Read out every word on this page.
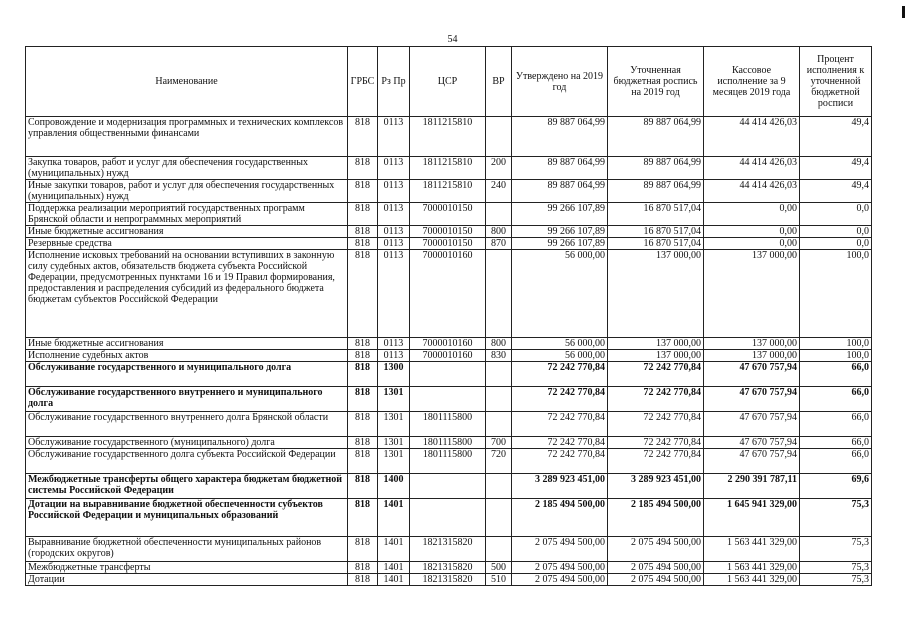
54
Наименование	ГРБС	Рз Пр	ЦСР	ВР	Утверждено на 2019 год	Уточненная бюджетная роспись на 2019 год	Кассовое исполнение за 9 месяцев 2019 года	Процент исполнения к уточненной бюджетной росписи
Сопровождение и модернизация программных и технических комплексов управления общественными финансами	818	0113	1811215810		89 887 064,99	89 887 064,99	44 414 426,03	49,4
Закупка товаров, работ и услуг для обеспечения государственных (муниципальных) нужд	818	0113	1811215810	200	89 887 064,99	89 887 064,99	44 414 426,03	49,4
Иные закупки товаров, работ и услуг для обеспечения государственных (муниципальных) нужд	818	0113	1811215810	240	89 887 064,99	89 887 064,99	44 414 426,03	49,4
Поддержка реализации мероприятий государственных программ Брянской области и непрограммных мероприятий	818	0113	7000010150		99 266 107,89	16 870 517,04	0,00	0,0
Иные бюджетные ассигнования	818	0113	7000010150	800	99 266 107,89	16 870 517,04	0,00	0,0
Резервные средства	818	0113	7000010150	870	99 266 107,89	16 870 517,04	0,00	0,0
Исполнение исковых требований на основании вступивших в законную силу судебных актов, обязательств бюджета субъекта Российской Федерации, предусмотренных пунктами 16 и 19 Правил формирования, предоставления и распределения субсидий из федерального бюджета бюджетам субъектов Российской Федерации	818	0113	7000010160		56 000,00	137 000,00	137 000,00	100,0
Иные бюджетные ассигнования	818	0113	7000010160	800	56 000,00	137 000,00	137 000,00	100,0
Исполнение судебных актов	818	0113	7000010160	830	56 000,00	137 000,00	137 000,00	100,0
Обслуживание государственного и муниципального долга	818	1300			72 242 770,84	72 242 770,84	47 670 757,94	66,0
Обслуживание государственного внутреннего и муниципального долга	818	1301			72 242 770,84	72 242 770,84	47 670 757,94	66,0
Обслуживание государственного внутреннего долга Брянской области	818	1301	1801115800		72 242 770,84	72 242 770,84	47 670 757,94	66,0
Обслуживание государственного (муниципального) долга	818	1301	1801115800	700	72 242 770,84	72 242 770,84	47 670 757,94	66,0
Обслуживание государственного долга субъекта Российской Федерации	818	1301	1801115800	720	72 242 770,84	72 242 770,84	47 670 757,94	66,0
Межбюджетные трансферты общего характера бюджетам бюджетной системы Российской Федерации	818	1400			3 289 923 451,00	3 289 923 451,00	2 290 391 787,11	69,6
Дотации на выравнивание бюджетной обеспеченности субъектов Российской Федерации и муниципальных образований	818	1401			2 185 494 500,00	2 185 494 500,00	1 645 941 329,00	75,3
Выравнивание бюджетной обеспеченности муниципальных районов (городских округов)	818	1401	1821315820		2 075 494 500,00	2 075 494 500,00	1 563 441 329,00	75,3
Межбюджетные трансферты	818	1401	1821315820	500	2 075 494 500,00	2 075 494 500,00	1 563 441 329,00	75,3
Дотации	818	1401	1821315820	510	2 075 494 500,00	2 075 494 500,00	1 563 441 329,00	75,3
